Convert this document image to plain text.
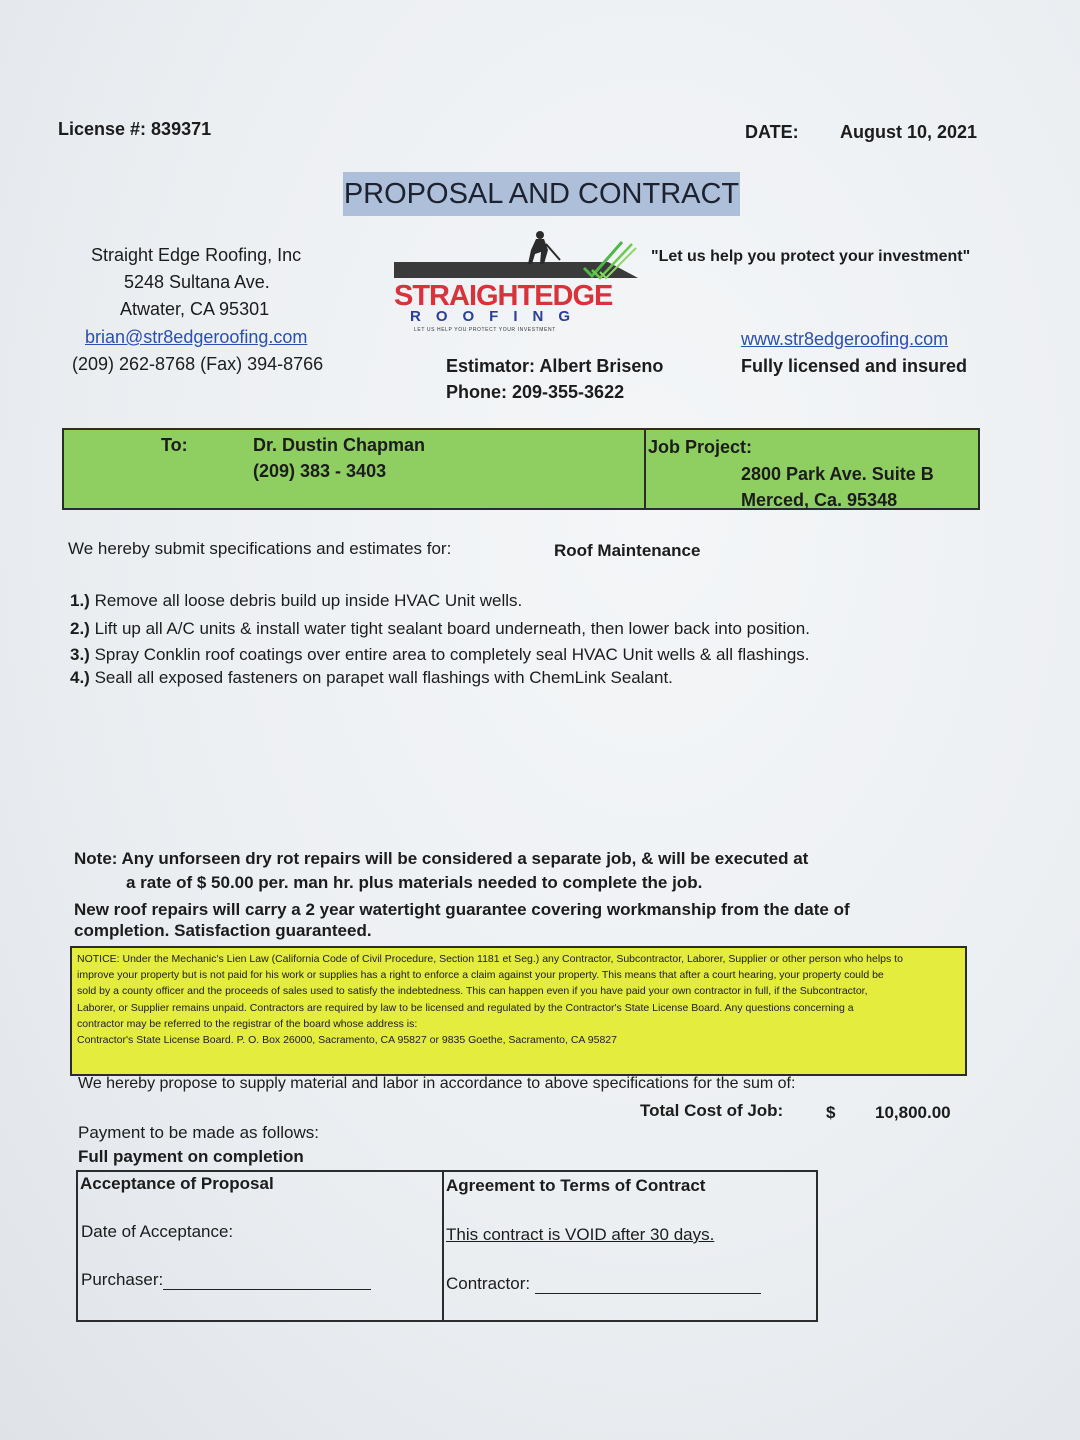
License #: 839371	DATE: August 10, 2021
PROPOSAL AND CONTRACT
Straight Edge Roofing, Inc
5248 Sultana Ave.
Atwater, CA 95301
brian@str8edgeroofing.com
(209) 262-8768 (Fax) 394-8766
STRAIGHTEDGE
ROOFING
LET US HELP YOU PROTECT YOUR INVESTMENT
"Let us help you protect your investment"
www.str8edgeroofing.com
Fully licensed and insured
Estimator: Albert Briseno
Phone: 209-355-3622
To:	Dr. Dustin Chapman
(209) 383 - 3403
Job Project:
2800 Park Ave. Suite B
Merced, Ca. 95348
We hereby submit specifications and estimates for:	Roof Maintenance
1.) Remove all loose debris build up inside HVAC Unit wells.
2.) Lift up all A/C units & install water tight sealant board underneath, then lower back into position.
3.) Spray Conklin roof coatings over entire area to completely seal HVAC Unit wells & all flashings.
4.) Seall all exposed fasteners on parapet wall flashings with ChemLink Sealant.
Note: Any unforseen dry rot repairs will be considered a separate job, & will be executed at
a rate of $ 50.00 per. man hr. plus materials needed to complete the job.
New roof repairs will carry a 2 year watertight guarantee covering workmanship from the date of
completion. Satisfaction guaranteed.
NOTICE: Under the Mechanic's Lien Law (California Code of Civil Procedure, Section 1181 et Seg.) any Contractor, Subcontractor, Laborer, Supplier or other person who helps to
improve your property but is not paid for his work or supplies has a right to enforce a claim against your property. This means that after a court hearing, your property could be
sold by a county officer and the proceeds of sales used to satisfy the indebtedness. This can happen even if you have paid your own contractor in full, if the Subcontractor,
Laborer, or Supplier remains unpaid. Contractors are required by law to be licensed and regulated by the Contractor's State License Board. Any questions concerning a
contractor may be referred to the registrar of the board whose address is:
Contractor's State License Board. P. O. Box 26000, Sacramento, CA 95827 or 9835 Goethe, Sacramento, CA 95827
We hereby propose to supply material and labor in accordance to above specifications for the sum of:
Total Cost of Job:	$ 10,800.00
Payment to be made as follows:
Full payment on completion
Acceptance of Proposal
Date of Acceptance:
Purchaser:
Agreement to Terms of Contract
This contract is VOID after 30 days.
Contractor:
